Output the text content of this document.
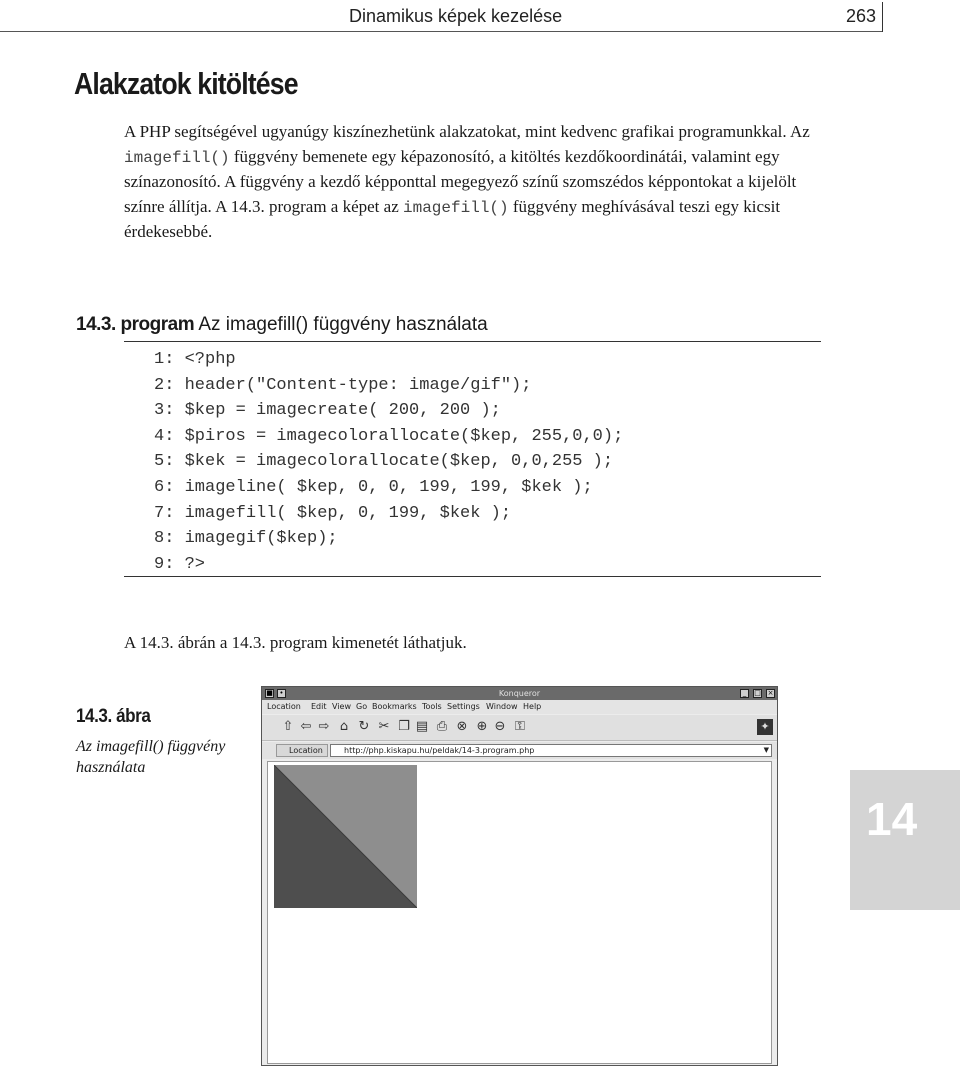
Dinamikus képek kezelése	263
Alakzatok kitöltése

A PHP segítségével ugyanúgy kiszínezhetünk alakzatokat, mint kedvenc grafikai programunkkal. Az imagefill() függvény bemenete egy képazonosító, a kitöltés kezdőkoordinátái, valamint egy színazonosító. A függvény a kezdő képponttal megegyező színű szomszédos képpontokat a kijelölt színre állítja. A 14.3. program a képet az imagefill() függvény meghívásával teszi egy kicsit érdekesebbé.

14.3. program Az imagefill() függvény használata
1: <?php
2: header("Content-type: image/gif");
3: $kep = imagecreate( 200, 200 );
4: $piros = imagecolorallocate($kep, 255,0,0);
5: $kek = imagecolorallocate($kep, 0,0,255 );
6: imageline( $kep, 0, 0, 199, 199, $kek );
7: imagefill( $kep, 0, 199, $kek );
8: imagegif($kep);
9: ?>

A 14.3. ábrán a 14.3. program kimenetét láthatjuk.

14.3. ábra
Az imagefill() függvény használata
14
■ •	Konqueror	_	□ ×
Location Edit View Go Bookmarks Tools Settings Window Help
⇧ ⇦ ⇨ ⌂ ↻ ✂ ❐ ▤ ⎙ ⊗ ⊕ ⊖ ⚿	✦
Location	http://php.kiskapu.hu/peldak/14-3.program.php	▼
